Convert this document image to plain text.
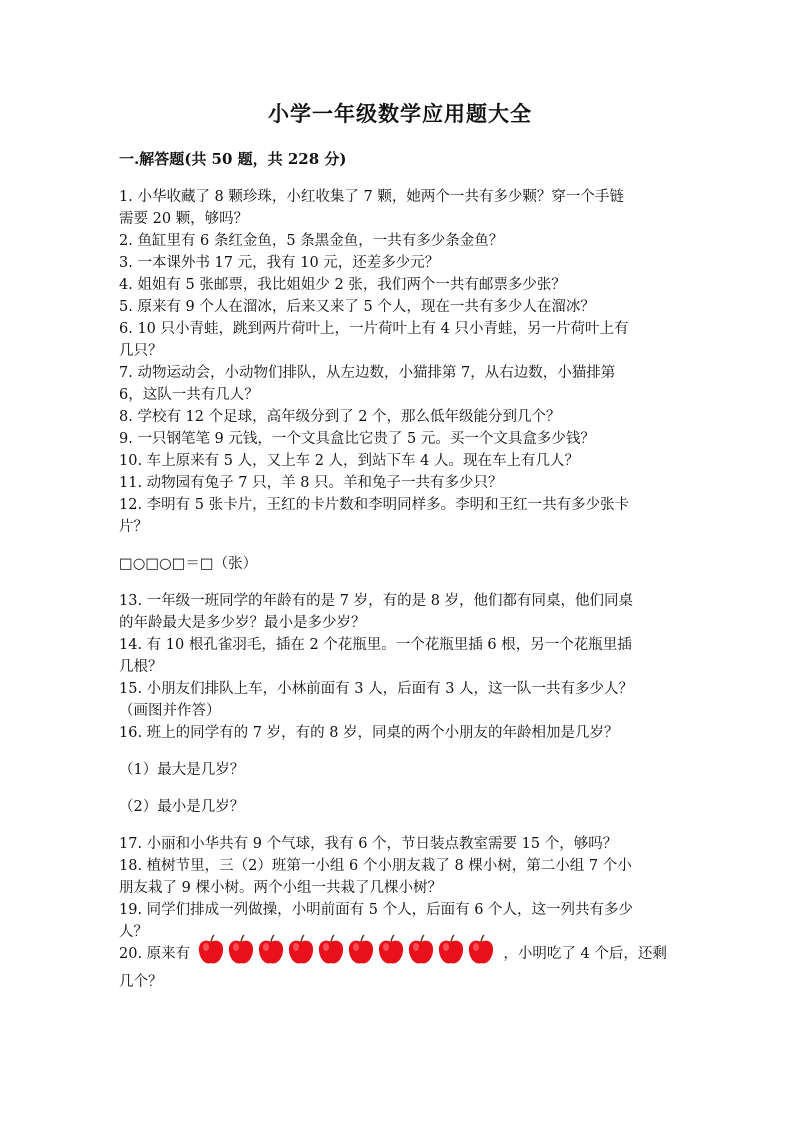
小学一年级数学应用题大全
一.解答题(共 50 题，共 228 分)
1. 小华收藏了 8 颗珍珠，小红收集了 7 颗，她两个一共有多少颗？穿一个手链
需要 20 颗，够吗？
2. 鱼缸里有 6 条红金鱼，5 条黑金鱼，一共有多少条金鱼？
3. 一本课外书 17 元，我有 10 元，还差多少元？
4. 姐姐有 5 张邮票，我比姐姐少 2 张，我们两个一共有邮票多少张？
5. 原来有 9 个人在溜冰，后来又来了 5 个人，现在一共有多少人在溜冰？
6. 10 只小青蛙，跳到两片荷叶上，一片荷叶上有 4 只小青蛙，另一片荷叶上有
几只？
7. 动物运动会，小动物们排队，从左边数，小猫排第 7，从右边数，小猫排第
6，这队一共有几人？
8. 学校有 12 个足球，高年级分到了 2 个，那么低年级能分到几个？
9. 一只钢笔笔 9 元钱，一个文具盒比它贵了 5 元。买一个文具盒多少钱？
10. 车上原来有 5 人，又上车 2 人，到站下车 4 人。现在车上有几人？
11. 动物园有兔子 7 只，羊 8 只。羊和兔子一共有多少只？
12. 李明有 5 张卡片，王红的卡片数和李明同样多。李明和王红一共有多少张卡
片？
□○□○□＝□（张）
13. 一年级一班同学的年龄有的是 7 岁，有的是 8 岁，他们都有同桌，他们同桌
的年龄最大是多少岁？最小是多少岁？
14. 有 10 根孔雀羽毛，插在 2 个花瓶里。一个花瓶里插 6 根，另一个花瓶里插
几根？
15. 小朋友们排队上车，小林前面有 3 人，后面有 3 人，这一队一共有多少人？
（画图并作答）
16. 班上的同学有的 7 岁，有的 8 岁，同桌的两个小朋友的年龄相加是几岁？
（1）最大是几岁？
（2）最小是几岁？
17. 小丽和小华共有 9 个气球，我有 6 个，节日装点教室需要 15 个，够吗？
18. 植树节里，三（2）班第一小组 6 个小朋友栽了 8 棵小树，第二小组 7 个小
朋友栽了 9 棵小树。两个小组一共栽了几棵小树？
19. 同学们排成一列做操，小明前面有 5 个人，后面有 6 个人，这一列共有多少
人？
20. 原来有	，小明吃了 4 个后，还剩
几个？
